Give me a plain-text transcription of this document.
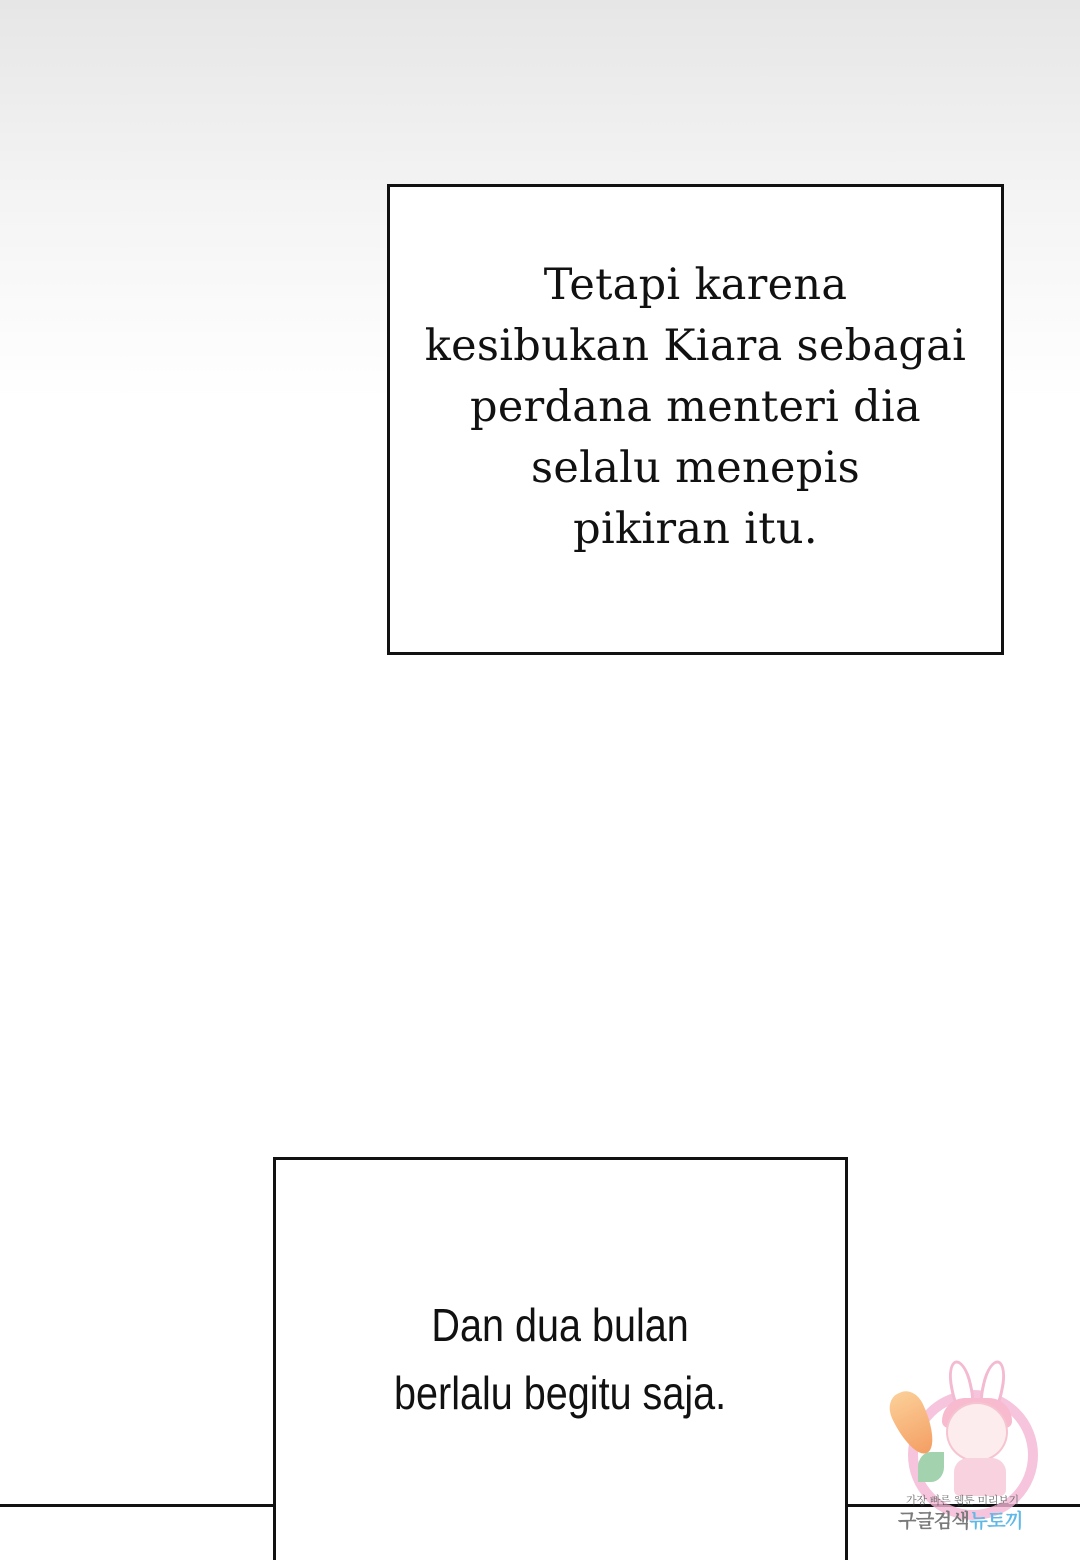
Tetapi karena
kesibukan Kiara sebagai
perdana menteri dia
selalu menepis
pikiran itu.
Dan dua bulan
berlalu begitu saja.
가장 빠른 웹툰 미리보기
구글검색뉴토끼
